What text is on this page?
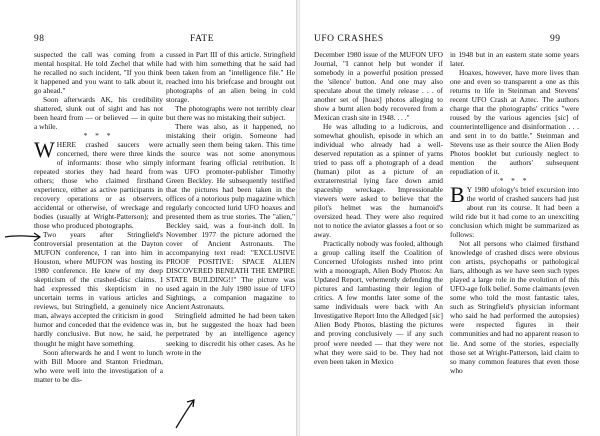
98	FATE

suspected the call was coming from a mental hospital. He told Zechel that while he recalled no such incident, "If you think it happened and you want to talk about it, go ahead."

Soon afterwards AK, his credibility shattered, slunk out of sight and has not been heard from — or believed — in quite a while.

* * *

WHERE crashed saucers were concerned, there were three kinds of informants: those who simply repeated stories they had heard from others; those who claimed firsthand experience, either as active participants in recovery operations or as observers, accidental or otherwise, of wreckage and bodies (usually at Wright-Patterson); and those who produced photographs.

Two years after Stringfield's controversial presentation at the Dayton MUFON conference, I ran into him in Houston, where MUFON was hosting its 1980 conference. He knew of my deep skepticism of the crashed-disc claims. I had expressed this skepticism in no uncertain terms in various articles and reviews, but Stringfield, a genuinely nice man, always accepted the criticism in good humor and conceded that the evidence was hardly conclusive. But now, he said, he thought he might have something.

Soon afterwards he and I went to lunch with Bill Moore and Stanton Friedman, who were well into the investigation of a matter to be dis-

cussed in Part III of this article. Stringfield had with him something that he said had been taken from an "intelligence file." He reached into his briefcase and brought out photographs of an alien being in cold storage.

The photographs were not terribly clear but there was no mistaking their subject.

There was also, as it happened, no mistaking their origin. Someone had actually seen them being taken. This time the source was not some anonymous informant fearing official retribution. It was UFO promoter-publisher Timothy Green Beckley. He subsequently testified that the pictures had been taken in the offices of a notorious pulp magazine which regularly concocted lurid UFO hoaxes and presented them as true stories. The "alien," Beckley said, was a four-inch doll. In November 1977 the picture adorned the cover of Ancient Astronauts. The accompanying text read: "EXCLUSIVE PROOF POSITIVE: SPACE ALIEN DISCOVERED BENEATH THE EMPIRE STATE BUILDING!!" The picture was used again in the July 1980 issue of UFO Sightings, a companion magazine to Ancient Astronauts.

Stringfield admitted he had been taken in, but he suggested the hoax had been perpetrated by an intelligence agency seeking to discredit his other cases. As he wrote in the

UFO CRASHES	99

December 1980 issue of the MUFON UFO Journal, "I cannot help but wonder if somebody in a powerful position pressed the 'silence' button. And one may also speculate about the timely release . . . of another set of [hoax] photos alleging to show a burnt alien body recovered from a Mexican crash site in 1948. . . ."

He was alluding to a ludicrous, and somewhat ghoulish, episode in which an individual who already had a well-deserved reputation as a spinner of yarns tried to pass off a photograph of a dead (human) pilot as a picture of an extraterrestrial lying face down amid spaceship wreckage. Impressionable viewers were asked to believe that the pilot's helmet was the humanoid's oversized head. They were also required not to notice the aviator glasses a foot or so away.

Practically nobody was fooled, although a group calling itself the Coalition of Concerned Ufologists rushed into print with a monograph, Alien Body Photos: An Updated Report, vehemently defending the pictures and lambasting their legion of critics. A few months later some of the same individuals were back with An Investigative Report Into the Alledged [sic] Alien Body Photos, blasting the pictures and proving conclusively — if any such proof were needed — that they were not what they were said to be. They had not even been taken in Mexico

in 1948 but in an eastern state some years later.

Hoaxes, however, have more lives than one and even so transparent a one as this returns to life in Steinman and Stevens' recent UFO Crash at Aztec. The authors charge that the photographs' critics "were roused by the various agencies [sic] of counterintelligence and disinformation . . . and sent in to do battle." Steinman and Stevens use as their source the Alien Body Photos booklet but curiously neglect to mention the authors' subsequent repudiation of it.

* * *

B Y 1980 ufology's brief excursion into the world of crashed saucers had just about run its course. It had been a wild ride but it had come to an unexciting conclusion which might be summarized as follows:

Not all persons who claimed firsthand knowledge of crashed discs were obvious con artists, psychopaths or pathological liars, although as we have seen such types played a large role in the evolution of this UFO-age folk belief. Some claimants (even some who told the most fantastic tales, such as Stringfield's physician informant who said he had performed the autopsies) were respected figures in their communities and had no apparent reason to lie. And some of the stories, especially those set at Wright-Patterson, laid claim to so many common features that even those who
